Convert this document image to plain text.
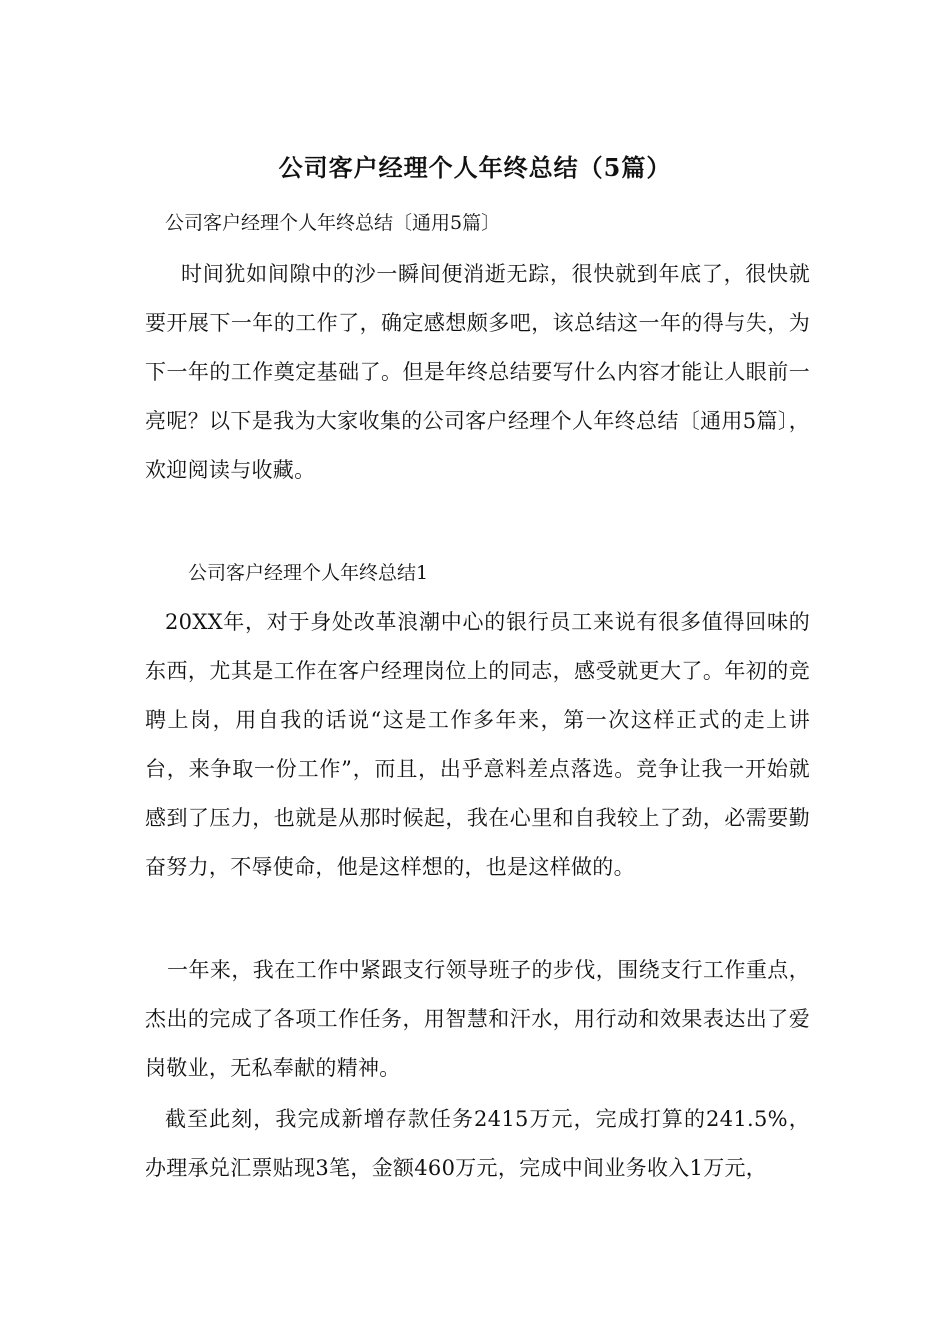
公司客户经理个人年终总结（5篇）
公司客户经理个人年终总结〔通用5篇〕

时间犹如间隙中的沙一瞬间便消逝无踪，很快就到年底了，很快就要开展下一年的工作了，确定感想颇多吧，该总结这一年的得与失，为下一年的工作奠定基础了。但是年终总结要写什么内容才能让人眼前一亮呢？以下是我为大家收集的公司客户经理个人年终总结〔通用5篇〕，欢迎阅读与收藏。

公司客户经理个人年终总结1

20XX年，对于身处改革浪潮中心的银行员工来说有很多值得回味的东西，尤其是工作在客户经理岗位上的同志，感受就更大了。年初的竞聘上岗，用自我的话说“这是工作多年来，第一次这样正式的走上讲台，来争取一份工作”，而且，出乎意料差点落选。竞争让我一开始就感到了压力，也就是从那时候起，我在心里和自我较上了劲，必需要勤奋努力，不辱使命，他是这样想的，也是这样做的。

一年来，我在工作中紧跟支行领导班子的步伐，围绕支行工作重点，杰出的完成了各项工作任务，用智慧和汗水，用行动和效果表达出了爱岗敬业，无私奉献的精神。

截至此刻，我完成新增存款任务2415万元，完成打算的241.5%，办理承兑汇票贴现3笔，金额460万元，完成中间业务收入1万元，
